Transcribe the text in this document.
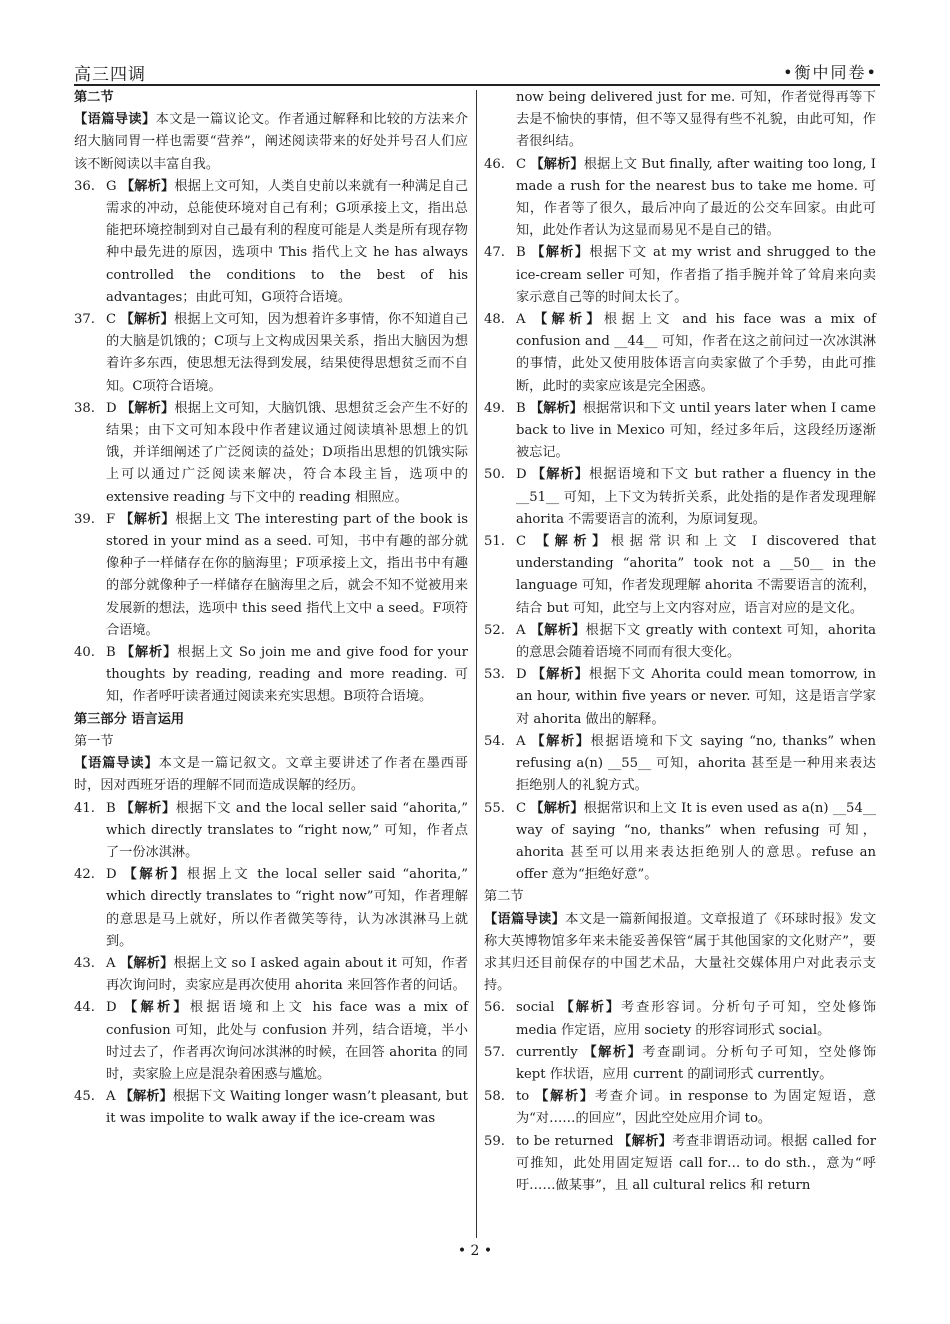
高三四调	•衡中同卷•

第二节

【语篇导读】本文是一篇议论文。作者通过解释和比较的方法来介绍大脑同胃一样也需要“营养”，阐述阅读带来的好处并号召人们应该不断阅读以丰富自我。

36. G 【解析】根据上文可知，人类自史前以来就有一种满足自己需求的冲动，总能使环境对自己有利；G项承接上文，指出总能把环境控制到对自己最有利的程度可能是人类是所有现存物种中最先进的原因，选项中 This 指代上文 he has always controlled the conditions to the best of his advantages；由此可知，G项符合语境。
37. C 【解析】根据上文可知，因为想着许多事情，你不知道自己的大脑是饥饿的；C项与上文构成因果关系，指出大脑因为想着许多东西，使思想无法得到发展，结果使得思想贫乏而不自知。C项符合语境。
38. D 【解析】根据上文可知，大脑饥饿、思想贫乏会产生不好的结果；由下文可知本段中作者建议通过阅读填补思想上的饥饿，并详细阐述了广泛阅读的益处；D项指出思想的饥饿实际上可以通过广泛阅读来解决，符合本段主旨，选项中的 extensive reading 与下文中的 reading 相照应。
39. F 【解析】根据上文 The interesting part of the book is stored in your mind as a seed. 可知，书中有趣的部分就像种子一样储存在你的脑海里；F项承接上文，指出书中有趣的部分就像种子一样储存在脑海里之后，就会不知不觉被用来发展新的想法，选项中 this seed 指代上文中 a seed。F项符合语境。
40. B 【解析】根据上文 So join me and give food for your thoughts by reading, reading and more reading. 可知，作者呼吁读者通过阅读来充实思想。B项符合语境。

第三部分 语言运用

第一节

【语篇导读】本文是一篇记叙文。文章主要讲述了作者在墨西哥时，因对西班牙语的理解不同而造成误解的经历。

41. B 【解析】根据下文 and the local seller said “ahorita,” which directly translates to “right now,” 可知，作者点了一份冰淇淋。
42. D 【解析】根据上文 the local seller said “ahorita,” which directly translates to “right now”可知，作者理解的意思是马上就好，所以作者微笑等待，认为冰淇淋马上就到。
43. A 【解析】根据上文 so I asked again about it 可知，作者再次询问时，卖家应是再次使用 ahorita 来回答作者的问话。
44. D 【解析】根据语境和上文 his face was a mix of confusion 可知，此处与 confusion 并列，结合语境，半小时过去了，作者再次询问冰淇淋的时候，在回答 ahorita 的同时，卖家脸上应是混杂着困惑与尴尬。
45. A 【解析】根据下文 Waiting longer wasn’t pleasant, but it was impolite to walk away if the ice-cream was

now being delivered just for me. 可知，作者觉得再等下去是不愉快的事情，但不等又显得有些不礼貌，由此可知，作者很纠结。

46. C 【解析】根据上文 But finally, after waiting too long, I made a rush for the nearest bus to take me home. 可知，作者等了很久，最后冲向了最近的公交车回家。由此可知，此处作者认为这显而易见不是自己的错。
47. B 【解析】根据下文 at my wrist and shrugged to the ice-cream seller 可知，作者指了指手腕并耸了耸肩来向卖家示意自己等的时间太长了。
48. A 【解析】根据上文 and his face was a mix of confusion and __44__ 可知，作者在这之前问过一次冰淇淋的事情，此处又使用肢体语言向卖家做了个手势，由此可推断，此时的卖家应该是完全困惑。
49. B 【解析】根据常识和下文 until years later when I came back to live in Mexico 可知，经过多年后，这段经历逐渐被忘记。
50. D 【解析】根据语境和下文 but rather a fluency in the __51__ 可知，上下文为转折关系，此处指的是作者发现理解 ahorita 不需要语言的流利，为原词复现。
51. C 【解析】根据常识和上文 I discovered that understanding “ahorita” took not a __50__ in the language 可知，作者发现理解 ahorita 不需要语言的流利，结合 but 可知，此空与上文内容对应，语言对应的是文化。
52. A 【解析】根据下文 greatly with context 可知，ahorita 的意思会随着语境不同而有很大变化。
53. D 【解析】根据下文 Ahorita could mean tomorrow, in an hour, within five years or never. 可知，这是语言学家对 ahorita 做出的解释。
54. A 【解析】根据语境和下文 saying “no, thanks” when refusing a(n) __55__ 可知，ahorita 甚至是一种用来表达拒绝别人的礼貌方式。
55. C 【解析】根据常识和上文 It is even used as a(n) __54__ way of saying “no, thanks” when refusing 可知，ahorita 甚至可以用来表达拒绝别人的意思。refuse an offer 意为“拒绝好意”。

第二节

【语篇导读】本文是一篇新闻报道。文章报道了《环球时报》发文称大英博物馆多年来未能妥善保管“属于其他国家的文化财产”，要求其归还目前保存的中国艺术品，大量社交媒体用户对此表示支持。

56. social 【解析】考查形容词。分析句子可知，空处修饰 media 作定语，应用 society 的形容词形式 social。
57. currently 【解析】考查副词。分析句子可知，空处修饰 kept 作状语，应用 current 的副词形式 currently。
58. to 【解析】考查介词。in response to 为固定短语，意为“对……的回应”，因此空处应用介词 to。
59. to be returned 【解析】考查非谓语动词。根据 called for 可推知，此处用固定短语 call for… to do sth.，意为“呼吁……做某事”，且 all cultural relics 和 return
• 2 •
